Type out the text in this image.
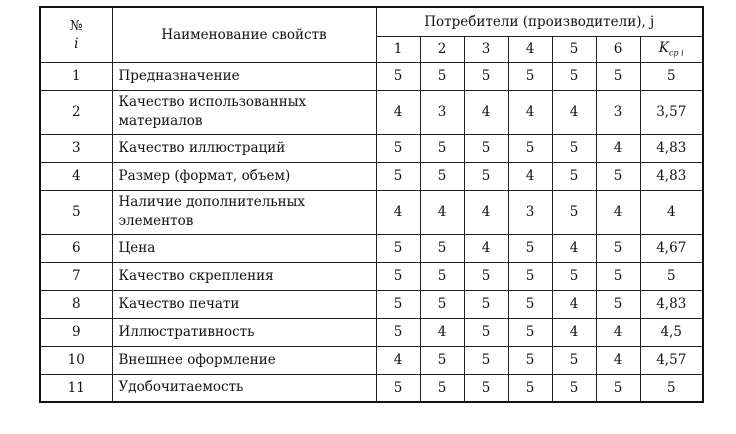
№
i	Наименование свойств	Потребители (производители), j						
		1	2	3	4	5	6	$K_{cp i}$
1	Предназначение	5	5	5	5	5	5	5
2	Качество использованных материалов	4	3	4	4	4	3	3,57
3	Качество иллюстраций	5	5	5	5	5	4	4,83
4	Размер (формат, объем)	5	5	5	4	5	5	4,83
5	Наличие дополнительных элементов	4	4	4	3	5	4	4
6	Цена	5	5	4	5	4	5	4,67
7	Качество скрепления	5	5	5	5	5	5	5
8	Качество печати	5	5	5	5	4	5	4,83
9	Иллюстративность	5	4	5	5	4	4	4,5
10	Внешнее оформление	4	5	5	5	5	4	4,57
11	Удобочитаемость	5	5	5	5	5	5	5
